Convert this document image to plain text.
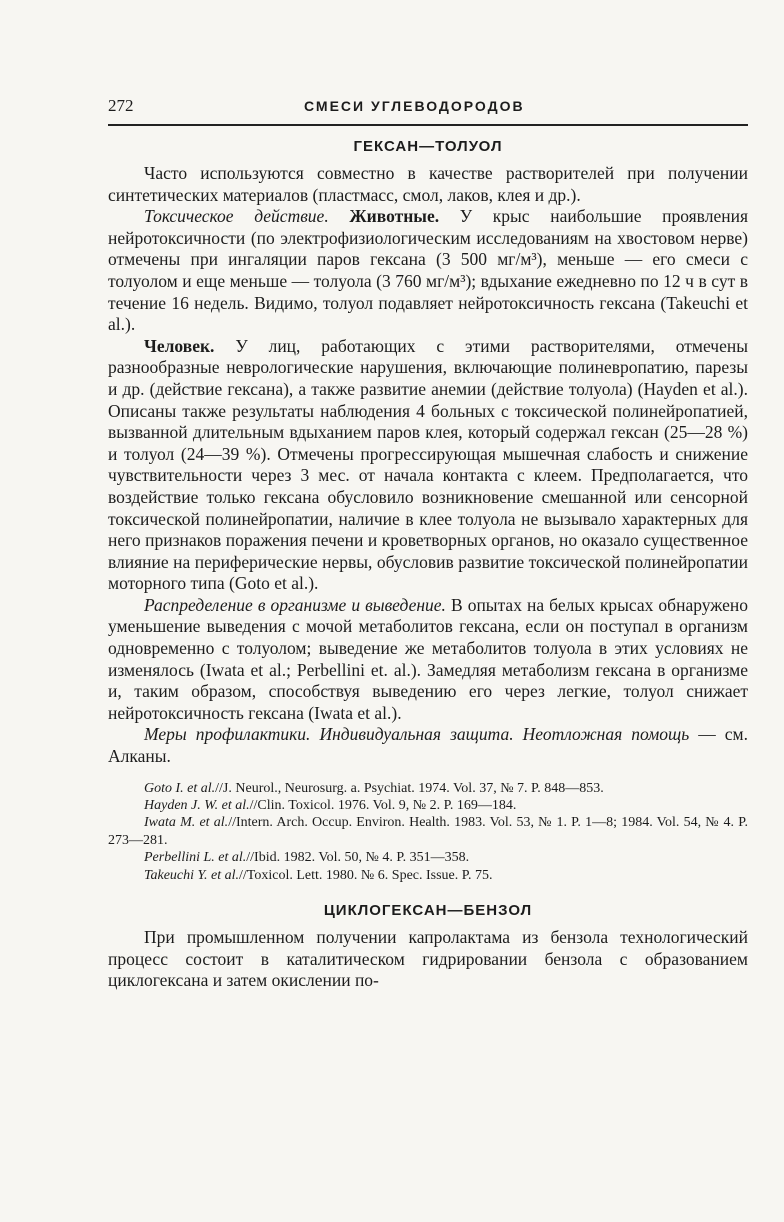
272	СМЕСИ УГЛЕВОДОРОДОВ
ГЕКСАН—ТОЛУОЛ

Часто используются совместно в качестве растворителей при получении синтетических материалов (пластмасс, смол, лаков, клея и др.).

Токсическое действие. Животные. У крыс наибольшие проявления нейротоксичности (по электрофизиологическим исследованиям на хвостовом нерве) отмечены при ингаляции паров гексана (3 500 мг/м³), меньше — его смеси с толуолом и еще меньше — толуола (3 760 мг/м³); вдыхание ежедневно по 12 ч в сут в течение 16 недель. Видимо, толуол подавляет нейротоксичность гексана (Takeuchi et al.).

Человек. У лиц, работающих с этими растворителями, отмечены разнообразные неврологические нарушения, включающие полиневропатию, парезы и др. (действие гексана), а также развитие анемии (действие толуола) (Hayden et al.). Описаны также результаты наблюдения 4 больных с токсической полинейропатией, вызванной длительным вдыханием паров клея, который содержал гексан (25—28 %) и толуол (24—39 %). Отмечены прогрессирующая мышечная слабость и снижение чувствительности через 3 мес. от начала контакта с клеем. Предполагается, что воздействие только гексана обусловило возникновение смешанной или сенсорной токсической полинейропатии, наличие в клее толуола не вызывало характерных для него признаков поражения печени и кроветворных органов, но оказало существенное влияние на периферические нервы, обусловив развитие токсической полинейропатии моторного типа (Goto et al.).

Распределение в организме и выведение. В опытах на белых крысах обнаружено уменьшение выведения с мочой метаболитов гексана, если он поступал в организм одновременно с толуолом; выведение же метаболитов толуола в этих условиях не изменялось (Iwata et al.; Perbellini et. al.). Замедляя метаболизм гексана в организме и, таким образом, способствуя выведению его через легкие, толуол снижает нейротоксичность гексана (Iwata et al.).

Меры профилактики. Индивидуальная защита. Неотложная помощь — см. Алканы.

Goto I. et al.//J. Neurol., Neurosurg. a. Psychiat. 1974. Vol. 37, № 7. P. 848—853.

Hayden J. W. et al.//Clin. Toxicol. 1976. Vol. 9, № 2. P. 169—184.

Iwata M. et al.//Intern. Arch. Occup. Environ. Health. 1983. Vol. 53, № 1. P. 1—8; 1984. Vol. 54, № 4. P. 273—281.

Perbellini L. et al.//Ibid. 1982. Vol. 50, № 4. P. 351—358.

Takeuchi Y. et al.//Toxicol. Lett. 1980. № 6. Spec. Issue. P. 75.

ЦИКЛОГЕКСАН—БЕНЗОЛ

При промышленном получении капролактама из бензола технологический процесс состоит в каталитическом гидрировании бензола с образованием циклогексана и затем окислении по-
